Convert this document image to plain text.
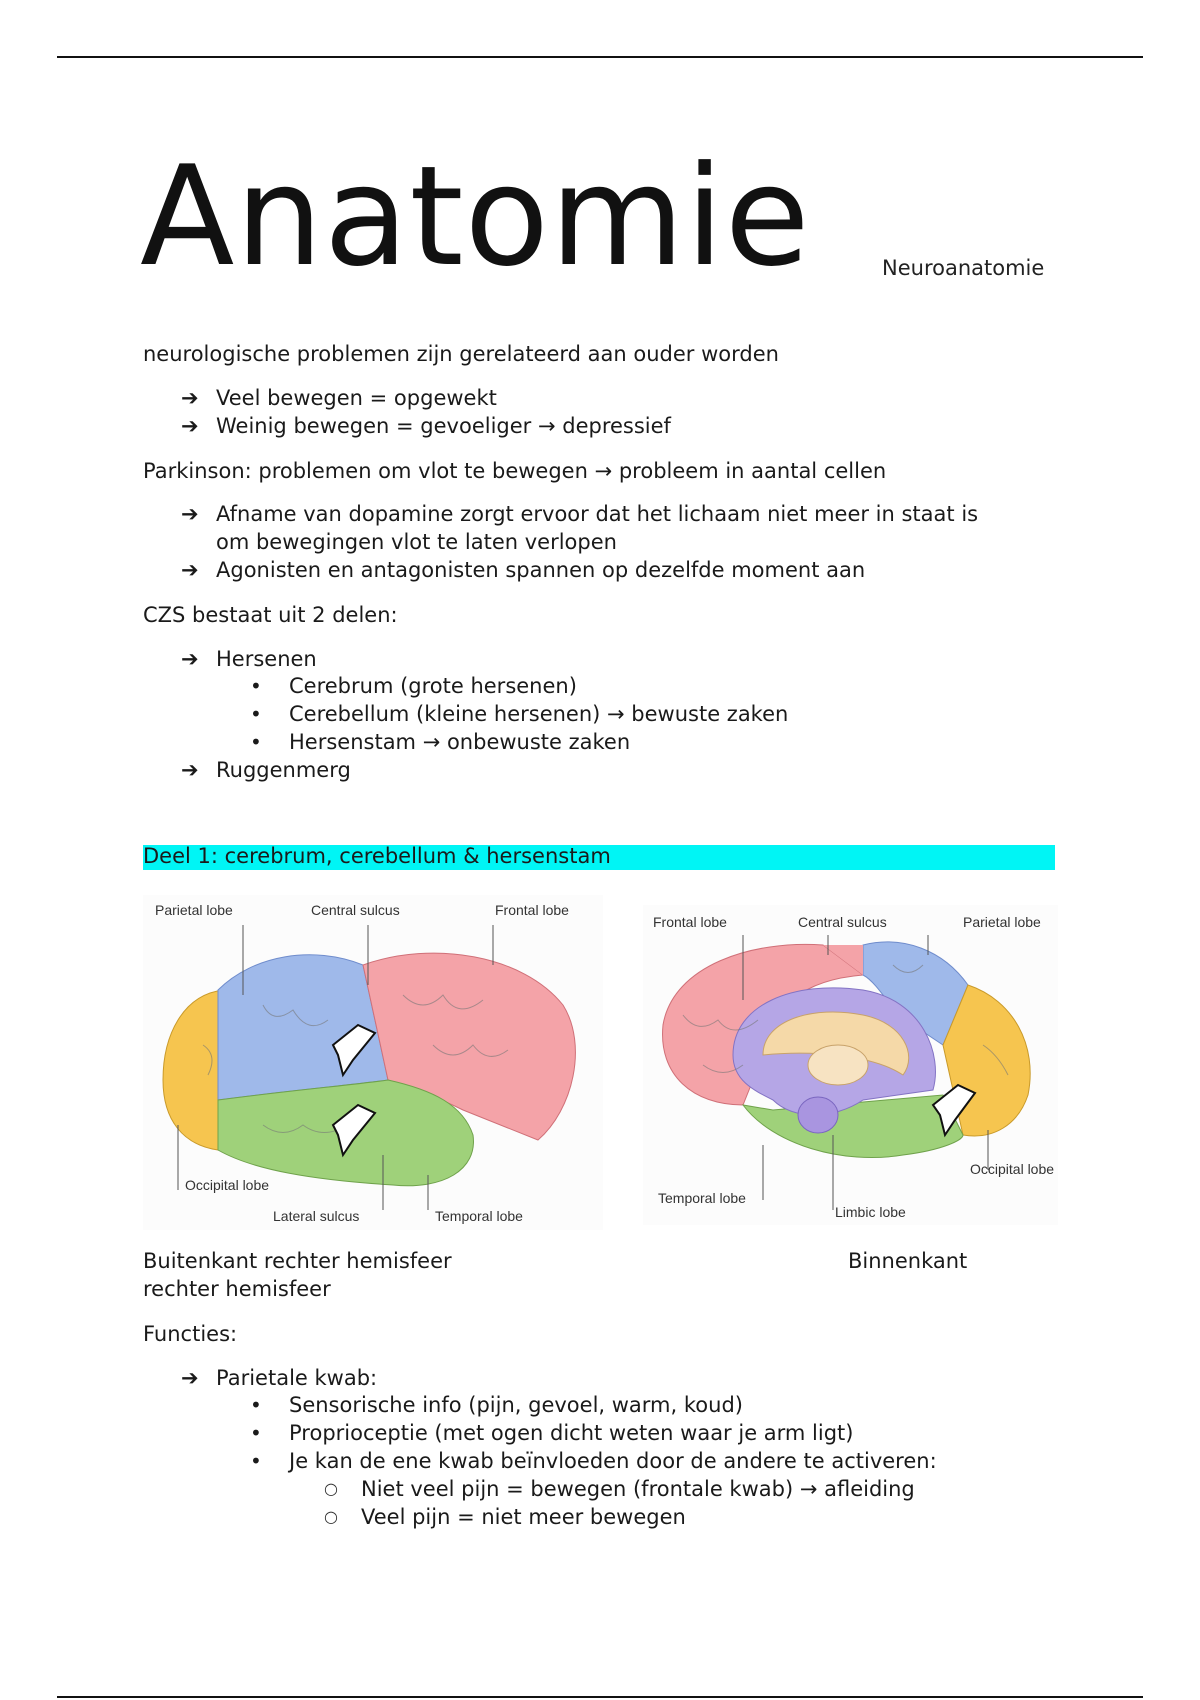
Anatomie	Neuroanatomie
neurologische problemen zijn gerelateerd aan ouder worden
➔ Veel bewegen = opgewekt
➔ Weinig bewegen = gevoeliger → depressief
Parkinson: problemen om vlot te bewegen → probleem in aantal cellen
➔ Afname van dopamine zorgt ervoor dat het lichaam niet meer in staat is
om bewegingen vlot te laten verlopen
➔ Agonisten en antagonisten spannen op dezelfde moment aan
CZS bestaat uit 2 delen:
➔ Hersenen
• Cerebrum (grote hersenen)
• Cerebellum (kleine hersenen) → bewuste zaken
• Hersenstam → onbewuste zaken
➔ Ruggenmerg
Deel 1: cerebrum, cerebellum & hersenstam
Parietal lobe	Central sulcus	Frontal lobe
Occipital lobe
Lateral sulcus	Temporal lobe
Frontal lobe	Central sulcus	Parietal lobe
Occipital lobe
Temporal lobe
Limbic lobe
Buitenkant rechter hemisfeer	Binnenkant
rechter hemisfeer
Functies:
➔ Parietale kwab:
• Sensorische info (pijn, gevoel, warm, koud)
• Proprioceptie (met ogen dicht weten waar je arm ligt)
• Je kan de ene kwab beïnvloeden door de andere te activeren:
○ Niet veel pijn = bewegen (frontale kwab) → afleiding
○ Veel pijn = niet meer bewegen
